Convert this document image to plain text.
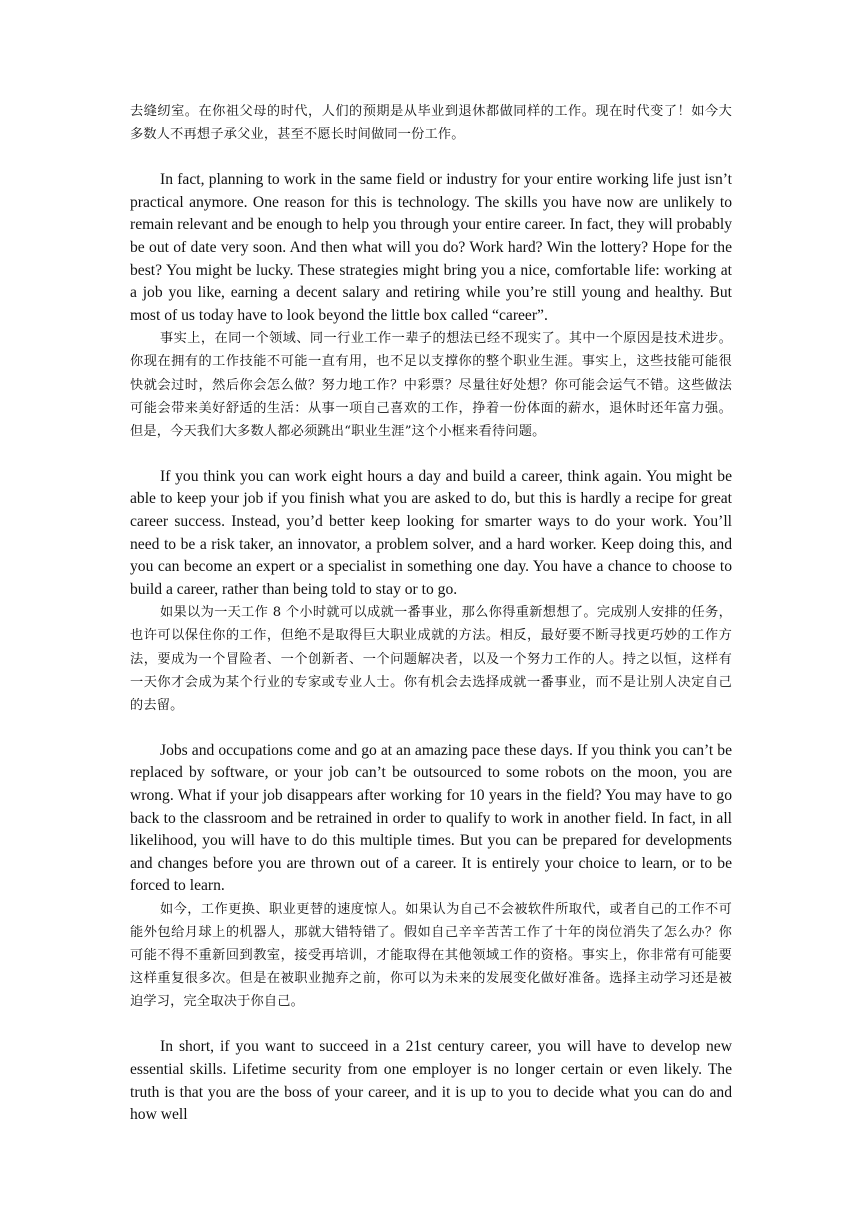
去缝纫室。在你祖父母的时代，人们的预期是从毕业到退休都做同样的工作。现在时代变了！如今大多数人不再想子承父业，甚至不愿长时间做同一份工作。

In fact, planning to work in the same field or industry for your entire working life just isn’t practical anymore. One reason for this is technology. The skills you have now are unlikely to remain relevant and be enough to help you through your entire career. In fact, they will probably be out of date very soon. And then what will you do? Work hard? Win the lottery? Hope for the best? You might be lucky. These strategies might bring you a nice, comfortable life: working at a job you like, earning a decent salary and retiring while you’re still young and healthy. But most of us today have to look beyond the little box called “career”.

事实上，在同一个领域、同一行业工作一辈子的想法已经不现实了。其中一个原因是技术进步。你现在拥有的工作技能不可能一直有用，也不足以支撑你的整个职业生涯。事实上，这些技能可能很快就会过时，然后你会怎么做？努力地工作？中彩票？尽量往好处想？你可能会运气不错。这些做法可能会带来美好舒适的生活：从事一项自己喜欢的工作，挣着一份体面的薪水，退休时还年富力强。但是，今天我们大多数人都必须跳出“职业生涯”这个小框来看待问题。

If you think you can work eight hours a day and build a career, think again. You might be able to keep your job if you finish what you are asked to do, but this is hardly a recipe for great career success. Instead, you’d better keep looking for smarter ways to do your work. You’ll need to be a risk taker, an innovator, a problem solver, and a hard worker. Keep doing this, and you can become an expert or a specialist in something one day. You have a chance to choose to build a career, rather than being told to stay or to go.

如果以为一天工作 8 个小时就可以成就一番事业，那么你得重新想想了。完成别人安排的任务，也许可以保住你的工作，但绝不是取得巨大职业成就的方法。相反，最好要不断寻找更巧妙的工作方法，要成为一个冒险者、一个创新者、一个问题解决者，以及一个努力工作的人。持之以恒，这样有一天你才会成为某个行业的专家或专业人士。你有机会去选择成就一番事业，而不是让别人决定自己的去留。

Jobs and occupations come and go at an amazing pace these days. If you think you can’t be replaced by software, or your job can’t be outsourced to some robots on the moon, you are wrong. What if your job disappears after working for 10 years in the field? You may have to go back to the classroom and be retrained in order to qualify to work in another field. In fact, in all likelihood, you will have to do this multiple times. But you can be prepared for developments and changes before you are thrown out of a career. It is entirely your choice to learn, or to be forced to learn.

如今，工作更换、职业更替的速度惊人。如果认为自己不会被软件所取代，或者自己的工作不可能外包给月球上的机器人，那就大错特错了。假如自己辛辛苦苦工作了十年的岗位消失了怎么办？你可能不得不重新回到教室，接受再培训，才能取得在其他领域工作的资格。事实上，你非常有可能要这样重复很多次。但是在被职业抛弃之前，你可以为未来的发展变化做好准备。选择主动学习还是被迫学习，完全取决于你自己。

In short, if you want to succeed in a 21st century career, you will have to develop new essential skills. Lifetime security from one employer is no longer certain or even likely. The truth is that you are the boss of your career, and it is up to you to decide what you can do and how well
